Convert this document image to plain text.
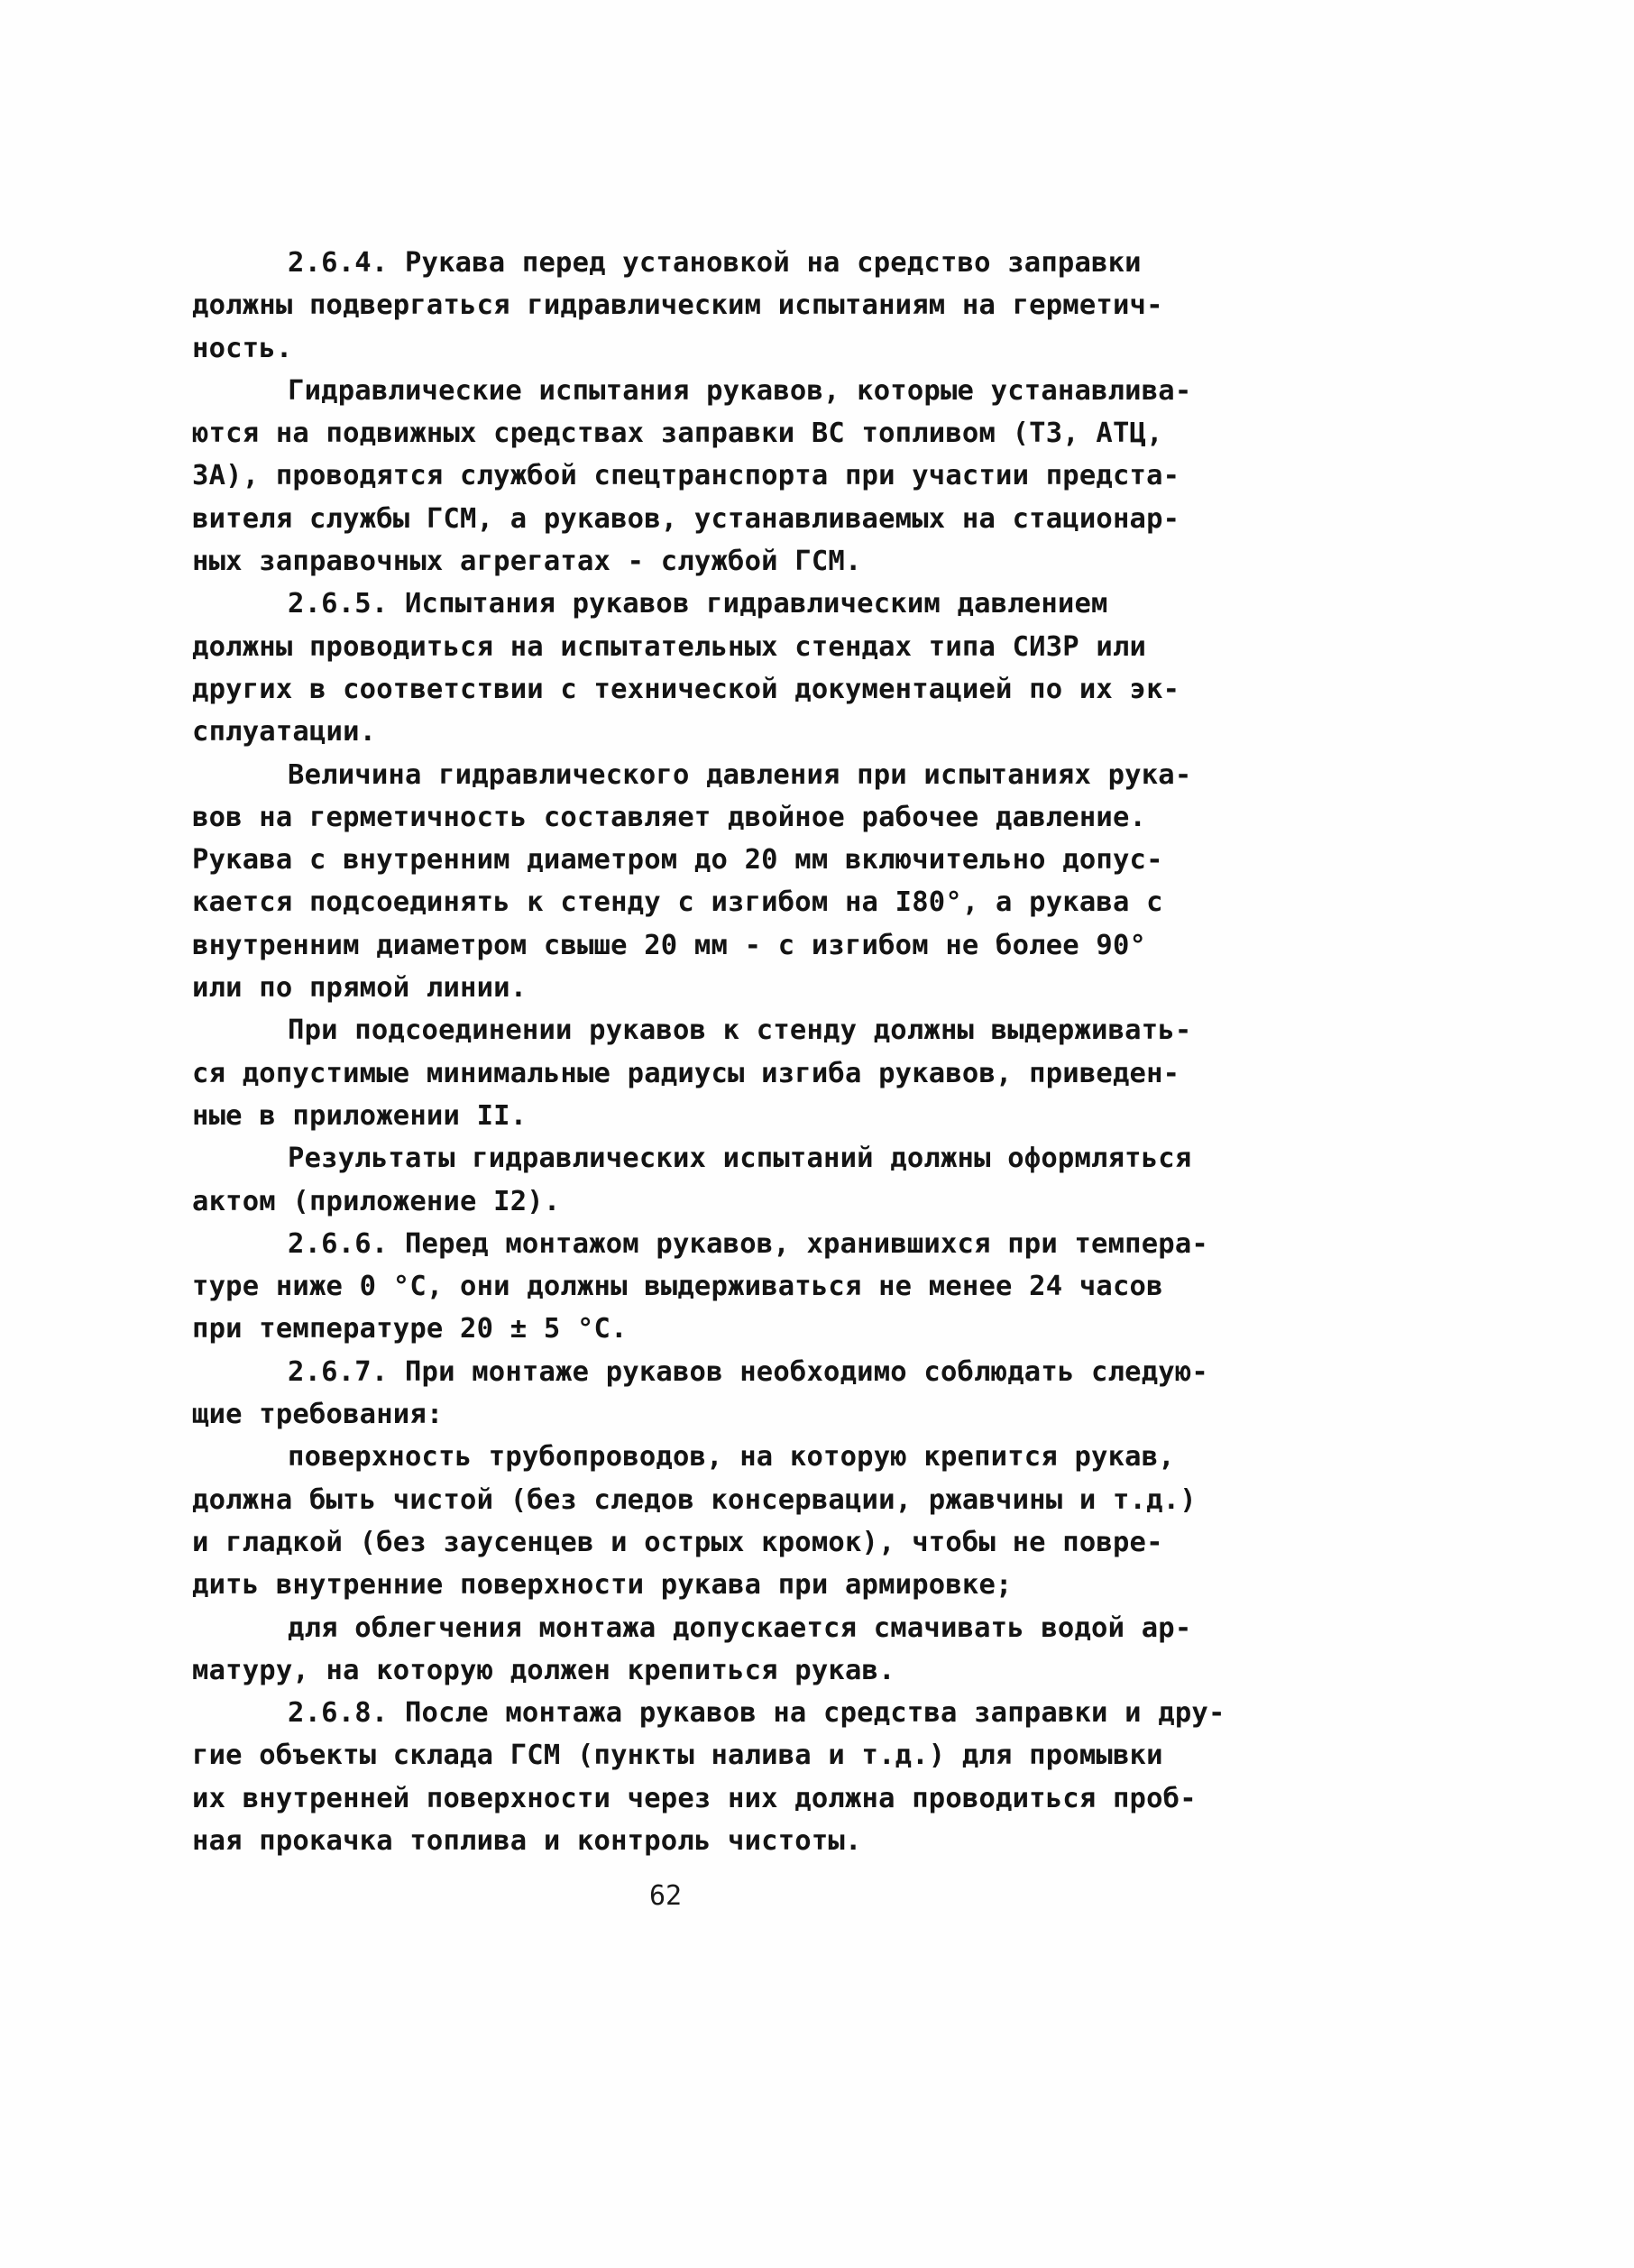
2.6.4. Рукава перед установкой на средство заправки
должны подвергаться гидравлическим испытаниям на герметич-
ность.
Гидравлические испытания рукавов, которые устанавлива-
ются на подвижных средствах заправки ВС топливом (ТЗ, АТЦ,
ЗА), проводятся службой спецтранспорта при участии предста-
вителя службы ГСМ, а рукавов, устанавливаемых на стационар-
ных заправочных агрегатах - службой ГСМ.
2.6.5. Испытания рукавов гидравлическим давлением
должны проводиться на испытательных стендах типа СИЗР или
других в соответствии с технической документацией по их эк-
сплуатации.
Величина гидравлического давления при испытаниях рука-
вов на герметичность составляет двойное рабочее давление.
Рукава с внутренним диаметром до 20 мм включительно допус-
кается подсоединять к стенду с изгибом на I80°, а рукава с
внутренним диаметром свыше 20 мм - с изгибом не более 90°
или по прямой линии.
При подсоединении рукавов к стенду должны выдерживать-
ся допустимые минимальные радиусы изгиба рукавов, приведен-
ные в приложении II.
Результаты гидравлических испытаний должны оформляться
актом (приложение I2).
2.6.6. Перед монтажом рукавов, хранившихся при темпера-
туре ниже 0 °С, они должны выдерживаться не менее 24 часов
при температуре 20 ± 5 °С.
2.6.7. При монтаже рукавов необходимо соблюдать следую-
щие требования:
поверхность трубопроводов, на которую крепится рукав,
должна быть чистой (без следов консервации, ржавчины и т.д.)
и гладкой (без заусенцев и острых кромок), чтобы не повре-
дить внутренние поверхности рукава при армировке;
для облегчения монтажа допускается смачивать водой ар-
матуру, на которую должен крепиться рукав.
2.6.8. После монтажа рукавов на средства заправки и дру-
гие объекты склада ГСМ (пункты налива и т.д.) для промывки
их внутренней поверхности через них должна проводиться проб-
ная прокачка топлива и контроль чистоты.
62
